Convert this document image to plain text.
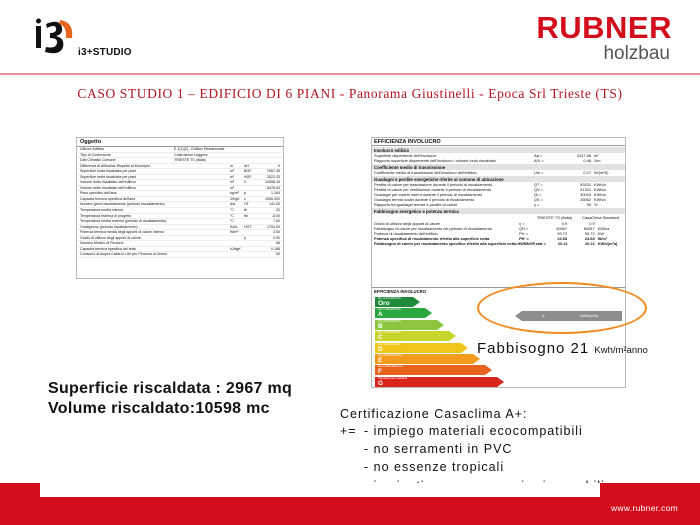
i3+STUDIO
RUBNER
holzbau
CASO STUDIO 1 – EDIFICIO DI 6 PIANI - Panorama Giustinelli - Epoca Srl Trieste (TS)
Oggetto
Utilizzo Edificio	E.1(1)(2) - Edificio Residenziale
Tipo di Costruzione	Costruzione Leggera
Dati Climatici Comune	TRIESTE TS (Italia)
Differenza di Altitudine Rispetto al Municipio	m	ΔH	0
Superficie lorda riscaldata per piani	m²	BGF	2967.45
Superficie netta riscaldata per piani	m²	NGF	2522.33
Volume lordo riscaldato dell'edificio	m³	V	10598.16
Volume netto riscaldato dell'edificio	m³	8478.53
Peso specifico dell'aria	kg/m³	ρ	1.164
Capacità termica specifica dell'aria	J/KgK	c	1006.000
Numero giorni riscaldamento (periodo riscaldamento)	d/a	HT	141.00
Temperatura media interna	°C	θi	20
Temperatura esterna di progetto	°C	θe	-5.00
Temperatura media esterna (periodo di riscaldamento)	°C	7.60
Gradigiorno (periodo riscaldamento)	Kd/a	HGT	1754.00
Potenza termica media degli apporti di calore interno	W/m²	3.50
Grado di utilizzo degli apporti di calore	η	0.90
Numero Minimo di Persone	56
Capacità termica specifica del tetto	kJ/kgK	0.188
Consumo di Acqua Calda in Litri per Persona al Giorno	50
EFFICIENZA INVOLUCRO
Involucro edilizio
Superficie disperdente dell'involucro	Aø =	5117.66 m²
Rapporto superficie disperdente dell'involucro / volume lordo riscaldato	A/V =	0.48 1/m
Coefficiente medio di trasmissione
Coefficiente medio di trasmissione dell'involucro dell'edificio	Um =	0.27 W/(m²K)
Guadagni e perdite energetiche riferite al comune di ubicazione
Perdita di calore per trasmissione durante il periodo di riscaldamento	QT =	59231 KWh/a
Perdita di calore per ventilazione durante il periodo di riscaldamento	QV =	41331 KWh/a
Guadagni per carichi interni durante il periodo di riscaldamento	Qi =	30043 KWh/a
Guadagni termici solari durante il periodo di riscaldamento	QS =	25062 KWh/a
Rapporto tra guadagni termici e perdite di calore	γ =	55 %
Fabbisogno energetico e potenza termica
TRIESTE TS (Italia)	CasaClima Standard
Grado di utilizzo degli apporti di calore	η =	0.9	0.9
Fabbisogno di calore per riscaldamento nel periodo di riscaldamento	QH =	60067	60067 KWh/a
Potenza di riscaldamento dell'edificio	PH =	59.72	59.72 KW
Potenza specifica di riscaldamento riferita alla superficie netta	PH' =	23.68	23.68 W/m²
Fabbisogno di calore per riscaldamento specifico riferito alla superficie netta HWBNGF,stat =	20.21	20.21 KWh/(m²a)
EFFICIENZA INVOLUCRO
fino a 10 kWh/m²a
Oro
fino a 30 kWh/m²a
A
fino a 50 kWh/m²a
B
fino a 70 kWh/m²a
C
fino a 90 kWh/m²a
D
fino a 120 kWh/m²a
E
fino a 160 kWh/m²a
F
Standard case esistenti
G
A	KWh/(m²a)
Fabbisogno 21 Kwh/m²anno
Superficie riscaldata : 2967 mq
Volume riscaldato:10598 mc	Certificazione Casaclima A+:
+= - impiego materiali ecocompatibili
- no serramenti in PVC
- no essenze tropicali
www.rubner.com
